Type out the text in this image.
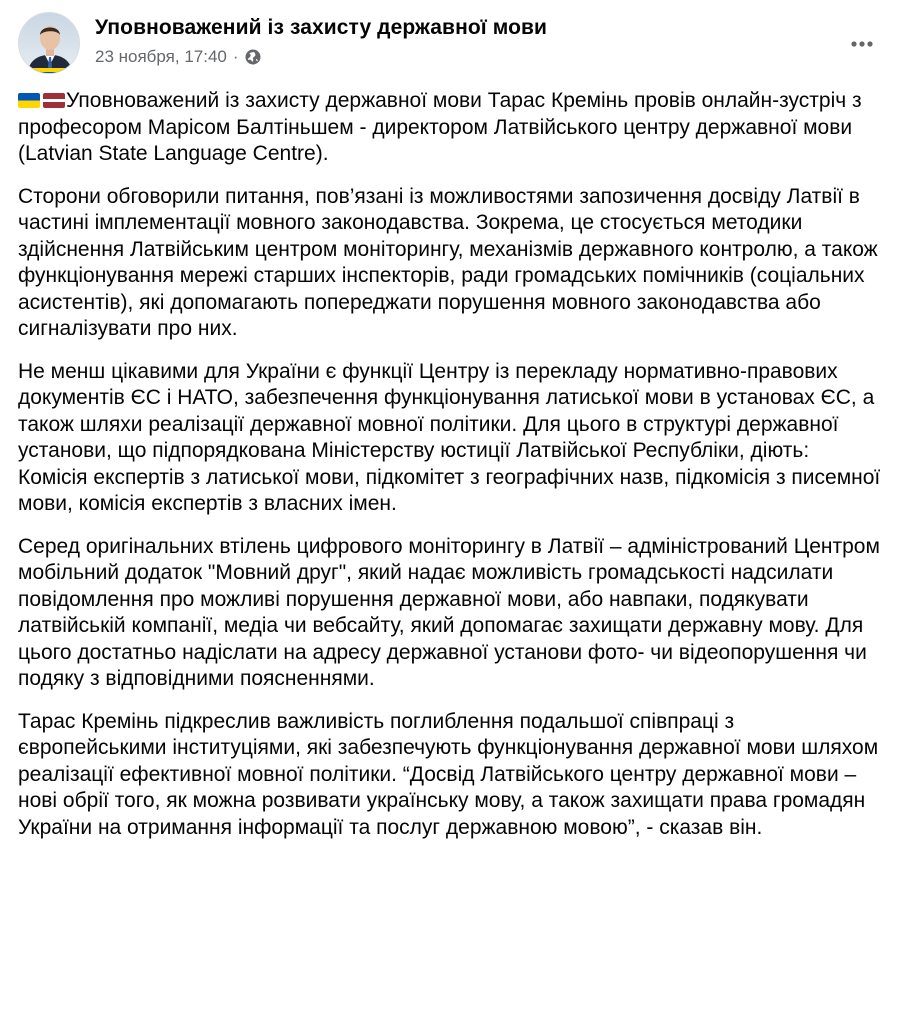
Уповноважений із захисту державної мови
23 ноября, 17:40 ·

Уповноважений із захисту державної мови Тарас Кремінь провів онлайн-зустріч з професором Марісом Балтіньшем - директором Латвійського центру державної мови (Latvian State Language Centre).

Сторони обговорили питання, пов’язані із можливостями запозичення досвіду Латвії в частині імплементації мовного законодавства. Зокрема, це стосується методики здійснення Латвійським центром моніторингу, механізмів державного контролю, а також функціонування мережі старших інспекторів, ради громадських помічників (соціальних асистентів), які допомагають попереджати порушення мовного законодавства або сигналізувати про них.

Не менш цікавими для України є функції Центру із перекладу нормативно-правових документів ЄС і НАТО, забезпечення функціонування латиської мови в установах ЄС, а також шляхи реалізації державної мовної політики. Для цього в структурі державної установи, що підпорядкована Міністерству юстиції Латвійської Республіки, діють: Комісія експертів з латиської мови, підкомітет з географічних назв, підкомісія з писемної мови, комісія експертів з власних імен.

Серед оригінальних втілень цифрового моніторингу в Латвії – адміністрований Центром мобільний додаток "Мовний друг", який надає можливість громадськості надсилати повідомлення про можливі порушення державної мови, або навпаки, подякувати латвійській компанії, медіа чи вебсайту, який допомагає захищати державну мову. Для цього достатньо надіслати на адресу державної установи фото- чи відеопорушення чи подяку з відповідними поясненнями.

Тарас Кремінь підкреслив важливість поглиблення подальшої співпраці з європейськими інституціями, які забезпечують функціонування державної мови шляхом реалізації ефективної мовної політики. “Досвід Латвійського центру державної мови – нові обрії того, як можна розвивати українську мову, а також захищати права громадян України на отримання інформації та послуг державною мовою”, - сказав він.
